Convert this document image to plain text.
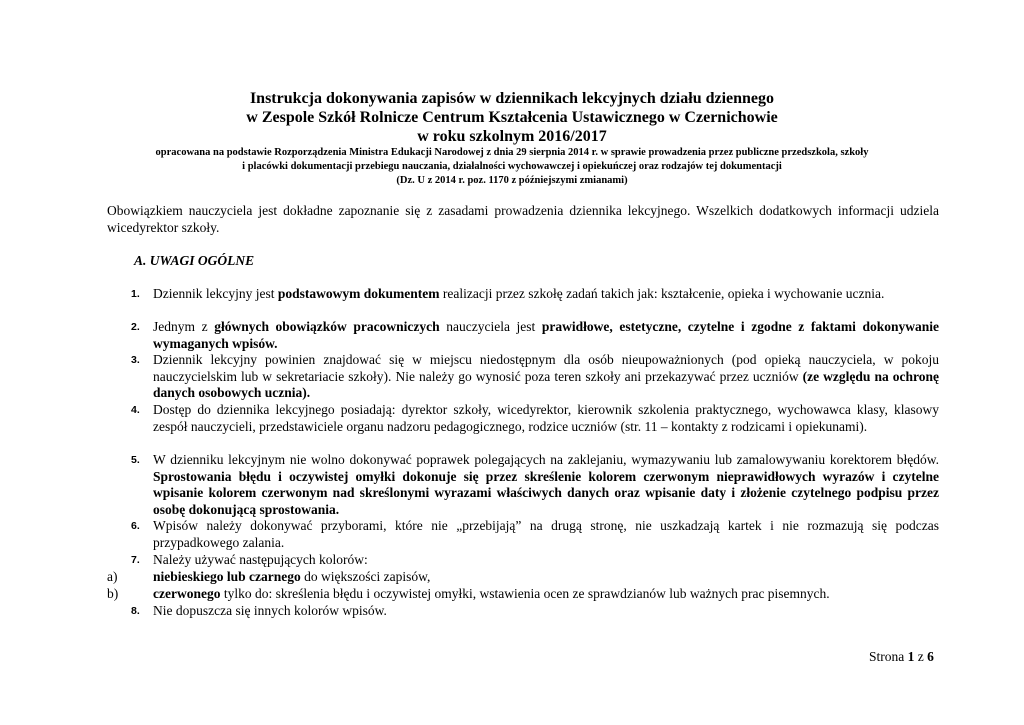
Instrukcja dokonywania zapisów w dziennikach lekcyjnych działu dziennego
w Zespole Szkół Rolnicze Centrum Kształcenia Ustawicznego w Czernichowie
w roku szkolnym 2016/2017
opracowana na podstawie Rozporządzenia Ministra Edukacji Narodowej z dnia 29 sierpnia 2014 r. w sprawie prowadzenia przez publiczne przedszkola, szkoły
i placówki dokumentacji przebiegu nauczania, działalności wychowawczej i opiekuńczej oraz rodzajów tej dokumentacji
(Dz. U z 2014 r. poz. 1170 z późniejszymi zmianami)
Obowiązkiem nauczyciela jest dokładne zapoznanie się z zasadami prowadzenia dziennika lekcyjnego. Wszelkich dodatkowych informacji udziela wicedyrektor szkoły.
A. UWAGI OGÓLNE
1. Dziennik lekcyjny jest podstawowym dokumentem realizacji przez szkołę zadań takich jak: kształcenie, opieka i wychowanie ucznia.
2. Jednym z głównych obowiązków pracowniczych nauczyciela jest prawidłowe, estetyczne, czytelne i zgodne z faktami dokonywanie wymaganych wpisów.
3. Dziennik lekcyjny powinien znajdować się w miejscu niedostępnym dla osób nieupoważnionych (pod opieką nauczyciela, w pokoju nauczycielskim lub w sekretariacie szkoły). Nie należy go wynosić poza teren szkoły ani przekazywać przez uczniów (ze względu na ochronę danych osobowych ucznia).
4. Dostęp do dziennika lekcyjnego posiadają: dyrektor szkoły, wicedyrektor, kierownik szkolenia praktycznego, wychowawca klasy, klasowy zespół nauczycieli, przedstawiciele organu nadzoru pedagogicznego, rodzice uczniów (str. 11 – kontakty z rodzicami i opiekunami).
5. W dzienniku lekcyjnym nie wolno dokonywać poprawek polegających na zaklejaniu, wymazywaniu lub zamalowywaniu korektorem błędów. Sprostowania błędu i oczywistej omyłki dokonuje się przez skreślenie kolorem czerwonym nieprawidłowych wyrazów i czytelne wpisanie kolorem czerwonym nad skreślonymi wyrazami właściwych danych oraz wpisanie daty i złożenie czytelnego podpisu przez osobę dokonującą sprostowania.
6. Wpisów należy dokonywać przyborami, które nie „przebijają” na drugą stronę, nie uszkadzają kartek i nie rozmazują się podczas przypadkowego zalania.
7. Należy używać następujących kolorów:
a)	niebieskiego lub czarnego do większości zapisów,
b)	czerwonego tylko do: skreślenia błędu i oczywistej omyłki, wstawienia ocen ze sprawdzianów lub ważnych prac pisemnych.
8. Nie dopuszcza się innych kolorów wpisów.
Strona 1 z 6
